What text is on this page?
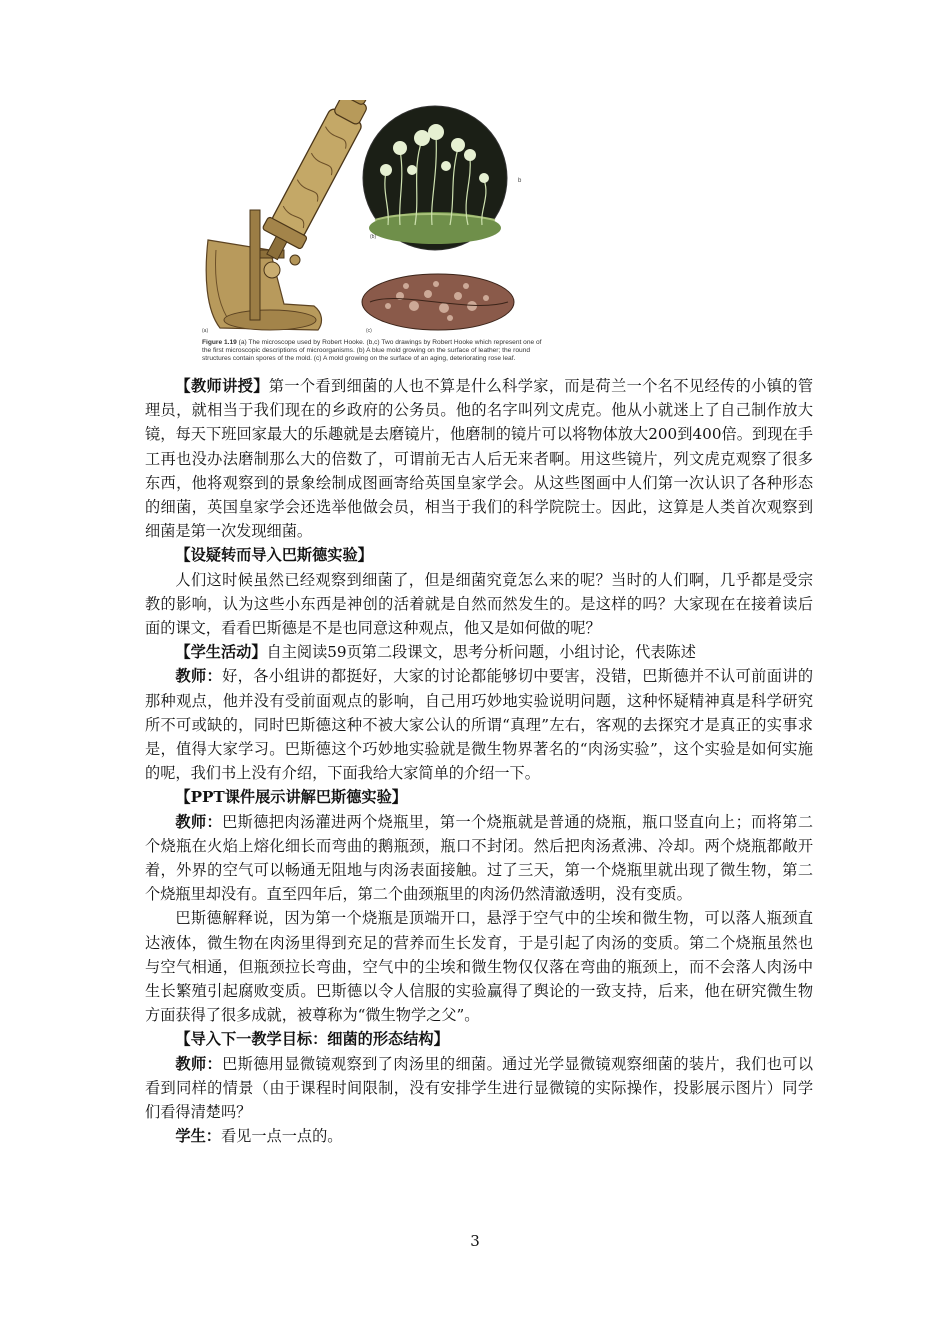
(a)
(b)
b
(c)
Figure 1.19 (a) The microscope used by Robert Hooke. (b,c) Two drawings by Robert Hooke which represent one of the first microscopic descriptions of microorganisms. (b) A blue mold growing on the surface of leather; the round structures contain spores of the mold. (c) A mold growing on the surface of an aging, deteriorating rose leaf.

【教师讲授】第一个看到细菌的人也不算是什么科学家，而是荷兰一个名不见经传的小镇的管理员，就相当于我们现在的乡政府的公务员。他的名字叫列文虎克。他从小就迷上了自己制作放大镜，每天下班回家最大的乐趣就是去磨镜片，他磨制的镜片可以将物体放大200到400倍。到现在手工再也没办法磨制那么大的倍数了，可谓前无古人后无来者啊。用这些镜片，列文虎克观察了很多东西，他将观察到的景象绘制成图画寄给英国皇家学会。从这些图画中人们第一次认识了各种形态的细菌，英国皇家学会还选举他做会员，相当于我们的科学院院士。因此，这算是人类首次观察到细菌是第一次发现细菌。

【设疑转而导入巴斯德实验】

人们这时候虽然已经观察到细菌了，但是细菌究竟怎么来的呢？当时的人们啊，几乎都是受宗教的影响，认为这些小东西是神创的活着就是自然而然发生的。是这样的吗？大家现在在接着读后面的课文，看看巴斯德是不是也同意这种观点，他又是如何做的呢？

【学生活动】自主阅读59页第二段课文，思考分析问题，小组讨论，代表陈述

教师：好，各小组讲的都挺好，大家的讨论都能够切中要害，没错，巴斯德并不认可前面讲的那种观点，他并没有受前面观点的影响，自己用巧妙地实验说明问题，这种怀疑精神真是科学研究所不可或缺的，同时巴斯德这种不被大家公认的所谓“真理”左右，客观的去探究才是真正的实事求是，值得大家学习。巴斯德这个巧妙地实验就是微生物界著名的“肉汤实验”，这个实验是如何实施的呢，我们书上没有介绍，下面我给大家简单的介绍一下。

【PPT课件展示讲解巴斯德实验】

教师：巴斯德把肉汤灌进两个烧瓶里，第一个烧瓶就是普通的烧瓶，瓶口竖直向上；而将第二个烧瓶在火焰上熔化细长而弯曲的鹅瓶颈，瓶口不封闭。然后把肉汤煮沸、冷却。两个烧瓶都敞开着，外界的空气可以畅通无阻地与肉汤表面接触。过了三天，第一个烧瓶里就出现了微生物，第二个烧瓶里却没有。直至四年后，第二个曲颈瓶里的肉汤仍然清澈透明，没有变质。

巴斯德解释说，因为第一个烧瓶是顶端开口，悬浮于空气中的尘埃和微生物，可以落人瓶颈直达液体，微生物在肉汤里得到充足的营养而生长发育，于是引起了肉汤的变质。第二个烧瓶虽然也与空气相通，但瓶颈拉长弯曲，空气中的尘埃和微生物仅仅落在弯曲的瓶颈上，而不会落人肉汤中生长繁殖引起腐败变质。巴斯德以令人信服的实验赢得了舆论的一致支持，后来，他在研究微生物方面获得了很多成就，被尊称为“微生物学之父”。

【导入下一教学目标：细菌的形态结构】

教师：巴斯德用显微镜观察到了肉汤里的细菌。通过光学显微镜观察细菌的装片，我们也可以看到同样的情景（由于课程时间限制，没有安排学生进行显微镜的实际操作，投影展示图片）同学们看得清楚吗？

学生：看见一点一点的。

3
